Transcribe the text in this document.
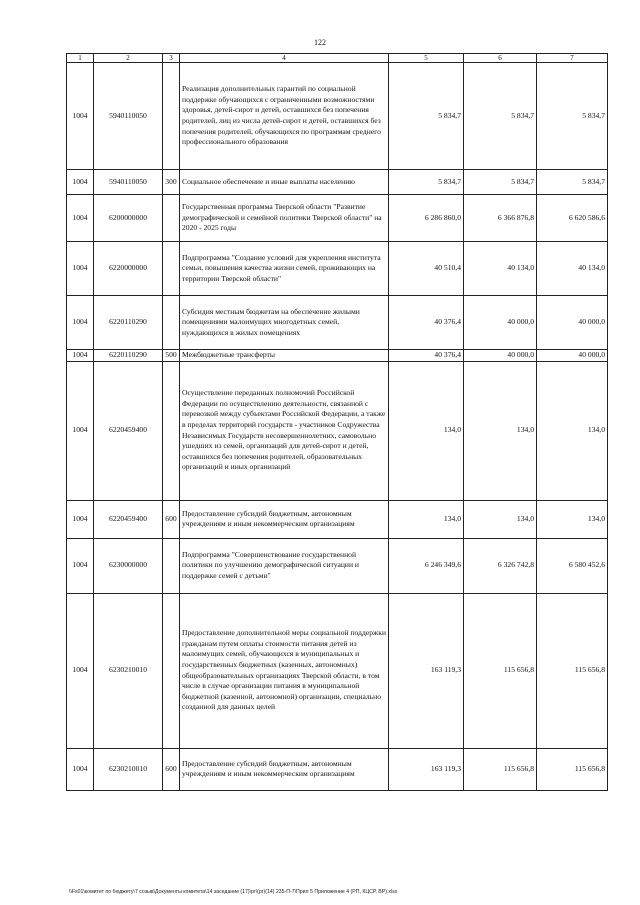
122
1	2	3	4	5	6	7
1004	5940110050		Реализация дополнительных гарантий по социальной поддержке обучающихся с ограниченными возможностями здоровья, детей-сирот и детей, оставшихся без попечения родителей, лиц из числа детей-сирот и детей, оставшихся без попечения родителей, обучающихся по программам среднего профессионального образования	5 834,7	5 834,7	5 834,7
1004	5940110050	300	Социальное обеспечение и иные выплаты населению	5 834,7	5 834,7	5 834,7
1004	6200000000		Государственная программа Тверской области "Развитие демографической и семейной политики Тверской области" на 2020 - 2025 годы	6 286 860,0	6 366 876,8	6 620 586,6
1004	6220000000		Подпрограмма "Создание условий для укрепления института семьи, повышения качества жизни семей, проживающих на территории Тверской области"	40 510,4	40 134,0	40 134,0
1004	6220110290		Субсидия местным бюджетам на обеспечение жилыми помещениями малоимущих многодетных семей, нуждающихся в жилых помещениях	40 376,4	40 000,0	40 000,0
1004	6220110290	500	Межбюджетные трансферты	40 376,4	40 000,0	40 000,0
1004	6220459400		Осуществление переданных полномочий Российской Федерации по осуществлению деятельности, связанной с перевозкой между субъектами Российской Федерации, а также в пределах территорий государств - участников Содружества Независимых Государств несовершеннолетних, самовольно ушедших из семей, организаций для детей-сирот и детей, оставшихся без попечения родителей, образовательных организаций и иных организаций	134,0	134,0	134,0
1004	6220459400	600	Предоставление субсидий бюджетным, автономным учреждениям и иным некоммерческим организациям	134,0	134,0	134,0
1004	6230000000		Подпрограмма "Совершенствование государственной политики по улучшению демографической ситуации и поддержке семей с детьми"	6 246 349,6	6 326 742,8	6 580 452,6
1004	6230210010		Предоставление дополнительной меры социальной поддержки гражданам путем оплаты стоимости питания детей из малоимущих семей, обучающихся в муниципальных и государственных бюджетных (казенных, автономных) общеобразовательных организациях Тверской области, в том числе в случае организации питания в муниципальной бюджетной (казенной, автономной) организации, специально созданной для данных целей	163 119,3	115 656,8	115 656,8
1004	6230210010	600	Предоставление субсидий бюджетным, автономным учреждениям и иным некоммерческим организациям	163 119,3	115 656,8	115 656,8
\\Fs01\комитет по бюджету\7 созыв\Документы комитета\14 заседание (17)\pr\(pr)(14) 235-П-7\Прил 5 Приложение 4 (РП, КЦСР, ВР).xlsx
